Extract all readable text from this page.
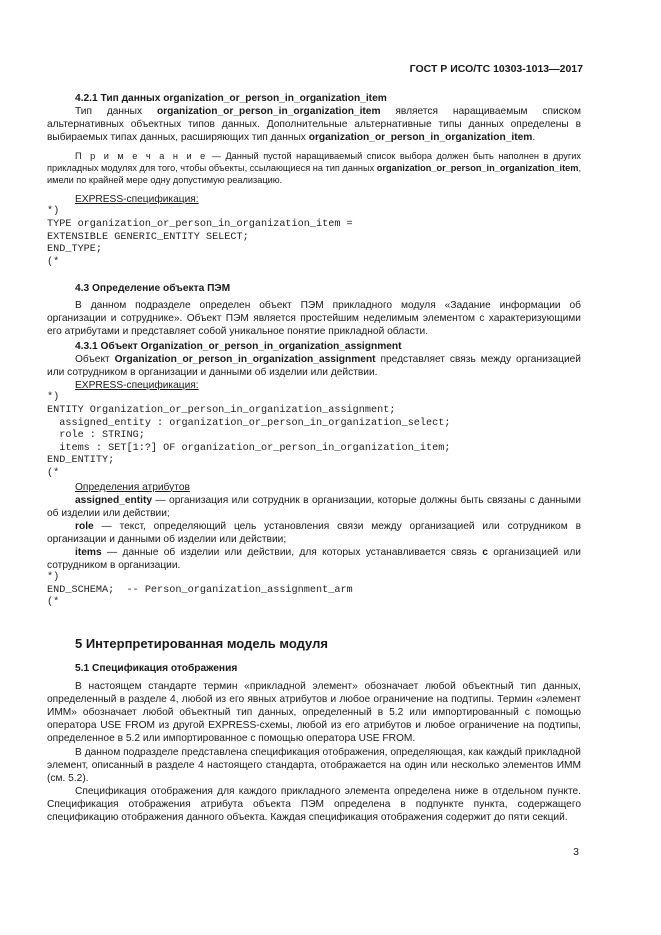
ГОСТ Р ИСО/ТС 10303-1013—2017

4.2.1 Тип данных organization_or_person_in_organization_item

Тип данных organization_or_person_in_organization_item является наращиваемым списком альтернативных объектных типов данных. Дополнительные альтернативные типы данных определены в выбираемых типах данных, расширяющих тип данных organization_or_person_in_organization_item.

П р и м е ч а н и е — Данный пустой наращиваемый список выбора должен быть наполнен в других прикладных модулях для того, чтобы объекты, ссылающиеся на тип данных organization_or_person_in_organization_item, имели по крайней мере одну допустимую реализацию.

EXPRESS-спецификация:

*)
TYPE organization_or_person_in_organization_item =
EXTENSIBLE GENERIC_ENTITY SELECT;
END_TYPE;
(*

4.3 Определение объекта ПЭМ

В данном подразделе определен объект ПЭМ прикладного модуля «Задание информации об организации и сотруднике». Объект ПЭМ является простейшим неделимым элементом с характеризующими его атрибутами и представляет собой уникальное понятие прикладной области.

4.3.1 Объект Organization_or_person_in_organization_assignment

Объект Organization_or_person_in_organization_assignment представляет связь между организацией или сотрудником в организации и данными об изделии или действии.

EXPRESS-спецификация:

*)
ENTITY Organization_or_person_in_organization_assignment;
assigned_entity : organization_or_person_in_organization_select;
role : STRING;
items : SET[1:?] OF organization_or_person_in_organization_item;
END_ENTITY;
(*

Определения атрибутов

assigned_entity — организация или сотрудник в организации, которые должны быть связаны с данными об изделии или действии;

role — текст, определяющий цель установления связи между организацией или сотрудником в организации и данными об изделии или действии;

items — данные об изделии или действии, для которых устанавливается связь c организацией или сотрудником в организации.

*)
END_SCHEMA;  -- Person_organization_assignment_arm
(*

5 Интерпретированная модель модуля

5.1 Спецификация отображения

В настоящем стандарте термин «прикладной элемент» обозначает любой объектный тип данных, определенный в разделе 4, любой из его явных атрибутов и любое ограничение на подтипы. Термин «элемент ИММ» обозначает любой объектный тип данных, определенный в 5.2 или импортированный с помощью оператора USE FROM из другой EXPRESS-схемы, любой из его атрибутов и любое ограничение на подтипы, определенное в 5.2 или импортированное с помощью оператора USE FROM.

В данном подразделе представлена спецификация отображения, определяющая, как каждый прикладной элемент, описанный в разделе 4 настоящего стандарта, отображается на один или несколько элементов ИММ (см. 5.2).

Спецификация отображения для каждого прикладного элемента определена ниже в отдельном пункте. Спецификация отображения атрибута объекта ПЭМ определена в подпункте пункта, содержащего спецификацию отображения данного объекта. Каждая спецификация отображения содержит до пяти секций.

3
